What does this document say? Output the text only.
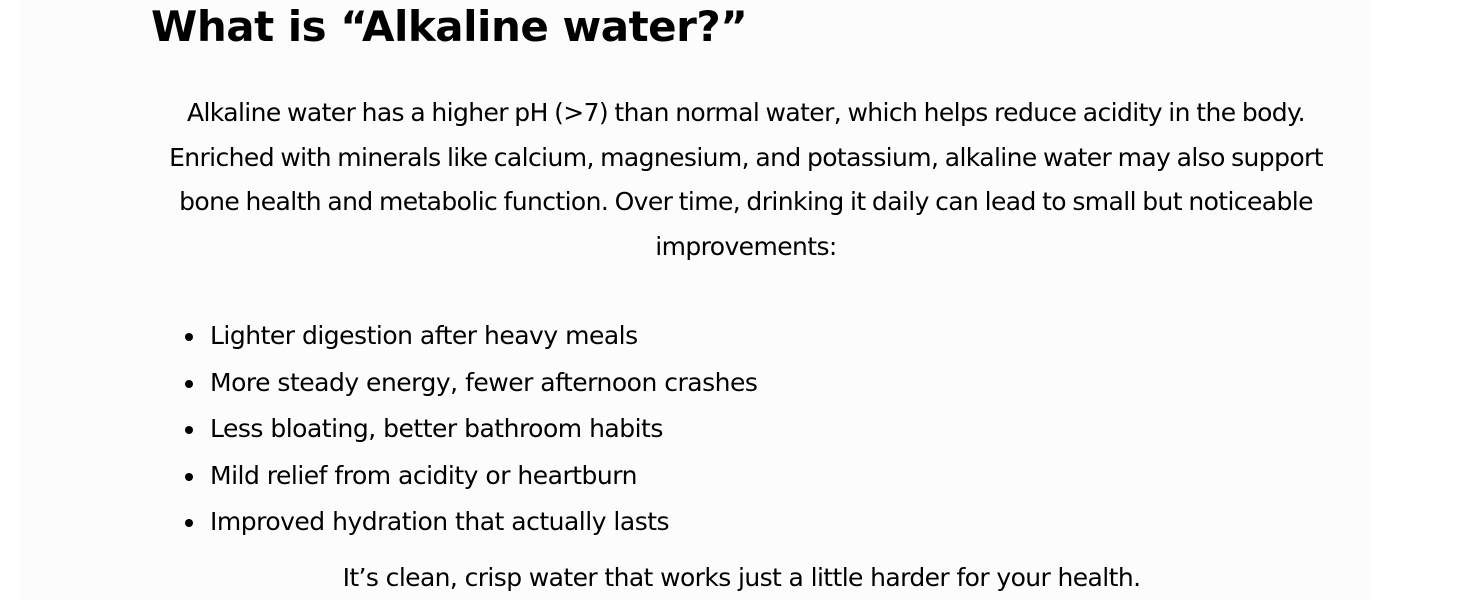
What is “Alkaline water?”

Alkaline water has a higher pH (>7) than normal water, which helps reduce acidity in the body. Enriched with minerals like calcium, magnesium, and potassium, alkaline water may also support bone health and metabolic function. Over time, drinking it daily can lead to small but noticeable improvements:

Lighter digestion after heavy meals
More steady energy, fewer afternoon crashes
Less bloating, better bathroom habits
Mild relief from acidity or heartburn
Improved hydration that actually lasts

It’s clean, crisp water that works just a little harder for your health.
